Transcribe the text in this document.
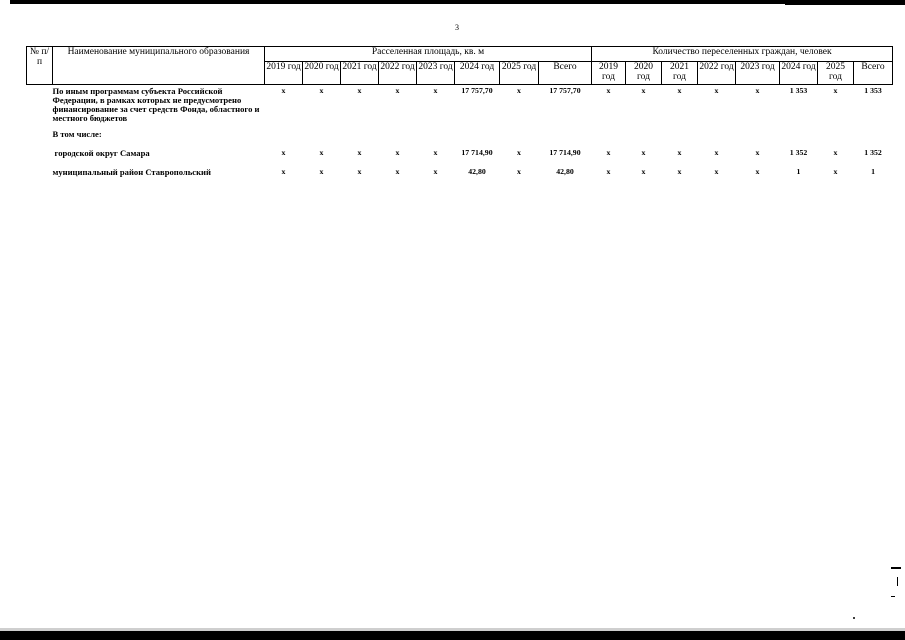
3
№ п/п	Наименование муниципального образования	Расселенная площадь, кв. м								Количество переселенных граждан, человек							
		2019 год	2020 год	2021 год	2022 год	2023 год	2024 год	2025 год	Всего	2019 год	2020 год	2021 год	2022 год	2023 год	2024 год	2025 год	Всего
	По иным программам субъекта Российской Федерации, в рамках которых не предусмотрено финансирование за счет средств Фонда, областного и местного бюджетов	х	х	х	х	х	17 757,70	х	17 757,70	х	х	х	х	х	1 353	х	1 353
	В том числе:																

	городской округ Самара	х	х	х	х	х	17 714,90	х	17 714,90	х	х	х	х	х	1 352	х	1 352

	муниципальный район Ставропольский	х	х	х	х	х	42,80	х	42,80	х	х	х	х	х	1	х	1
